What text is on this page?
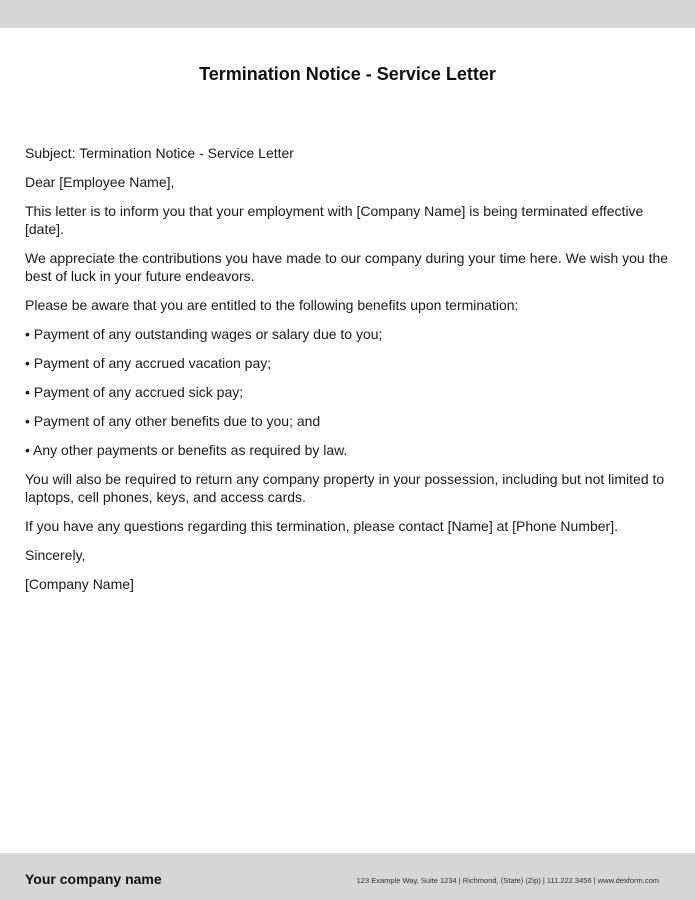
Termination Notice - Service Letter

Subject: Termination Notice - Service Letter

Dear [Employee Name],

This letter is to inform you that your employment with [Company Name] is being terminated effective [date].

We appreciate the contributions you have made to our company during your time here. We wish you the best of luck in your future endeavors.

Please be aware that you are entitled to the following benefits upon termination:

• Payment of any outstanding wages or salary due to you;

• Payment of any accrued vacation pay;

• Payment of any accrued sick pay;

• Payment of any other benefits due to you; and

• Any other payments or benefits as required by law.

You will also be required to return any company property in your possession, including but not limited to laptops, cell phones, keys, and access cards.

If you have any questions regarding this termination, please contact [Name] at [Phone Number].

Sincerely,

[Company Name]

Your company name	123 Example Way, Suite 1234 | Richmond, (State) (Zip) | 111.222.3456 | www.dexform.com
